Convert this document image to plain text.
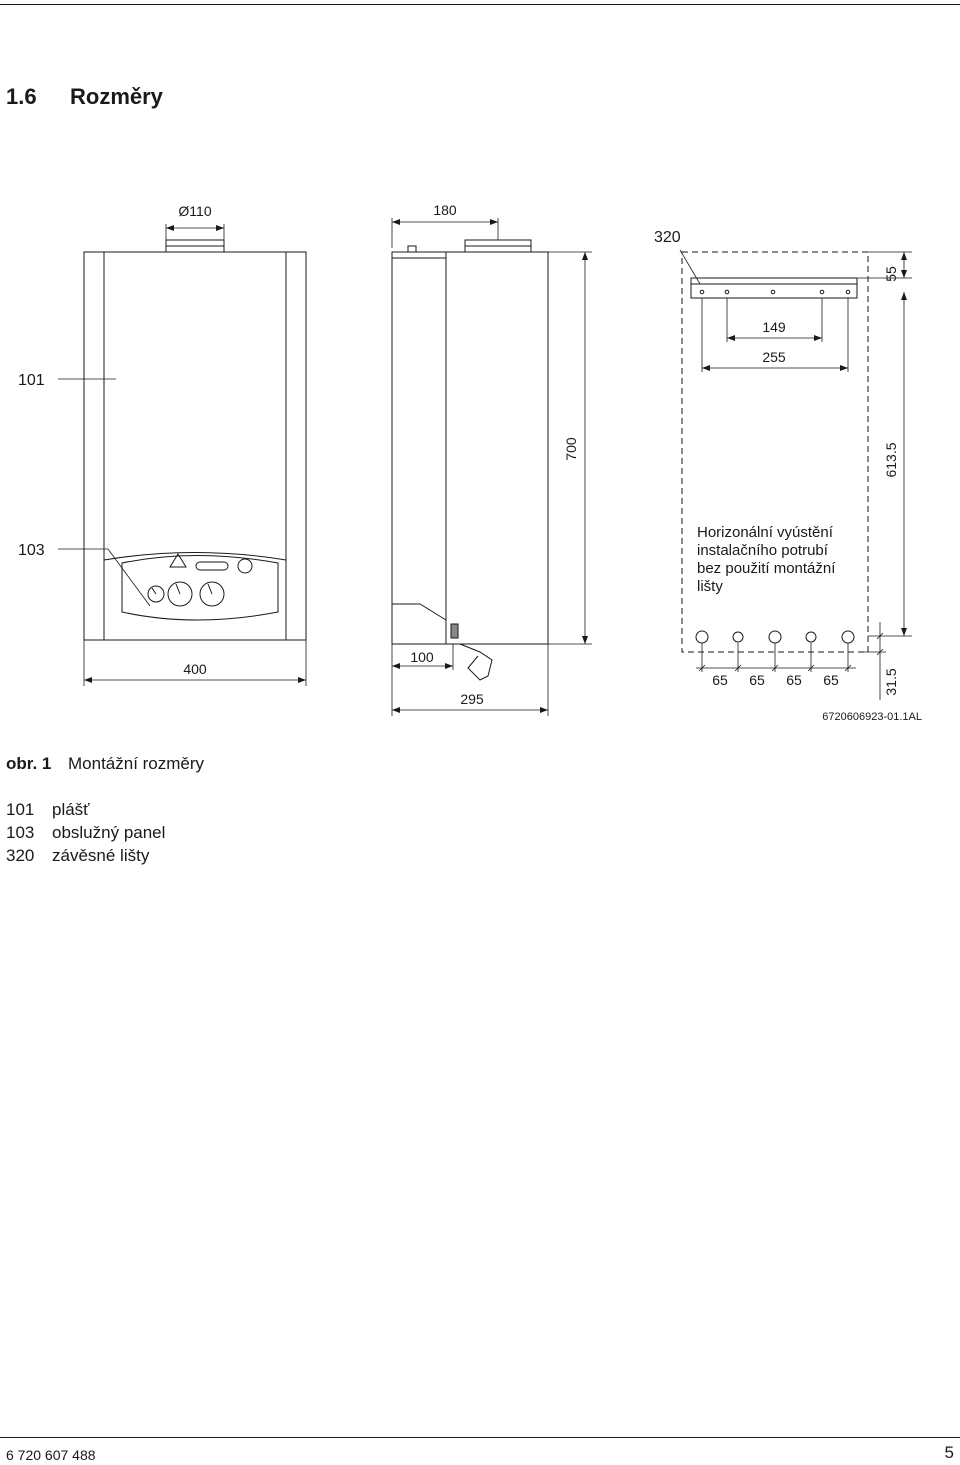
1.6 Rozměry
Ø110	180
400
100
295
700
55
149
255
613.5
65 65 65 65	31.5
101
103
320
Horizonální vyústění
instalačního potrubí
bez použití montážní
lišty
6720606923-01.1AL
obr. 1 Montážní rozměry
101	plášť
103	obslužný panel
320	závěsné lišty
6 720 607 488	5
